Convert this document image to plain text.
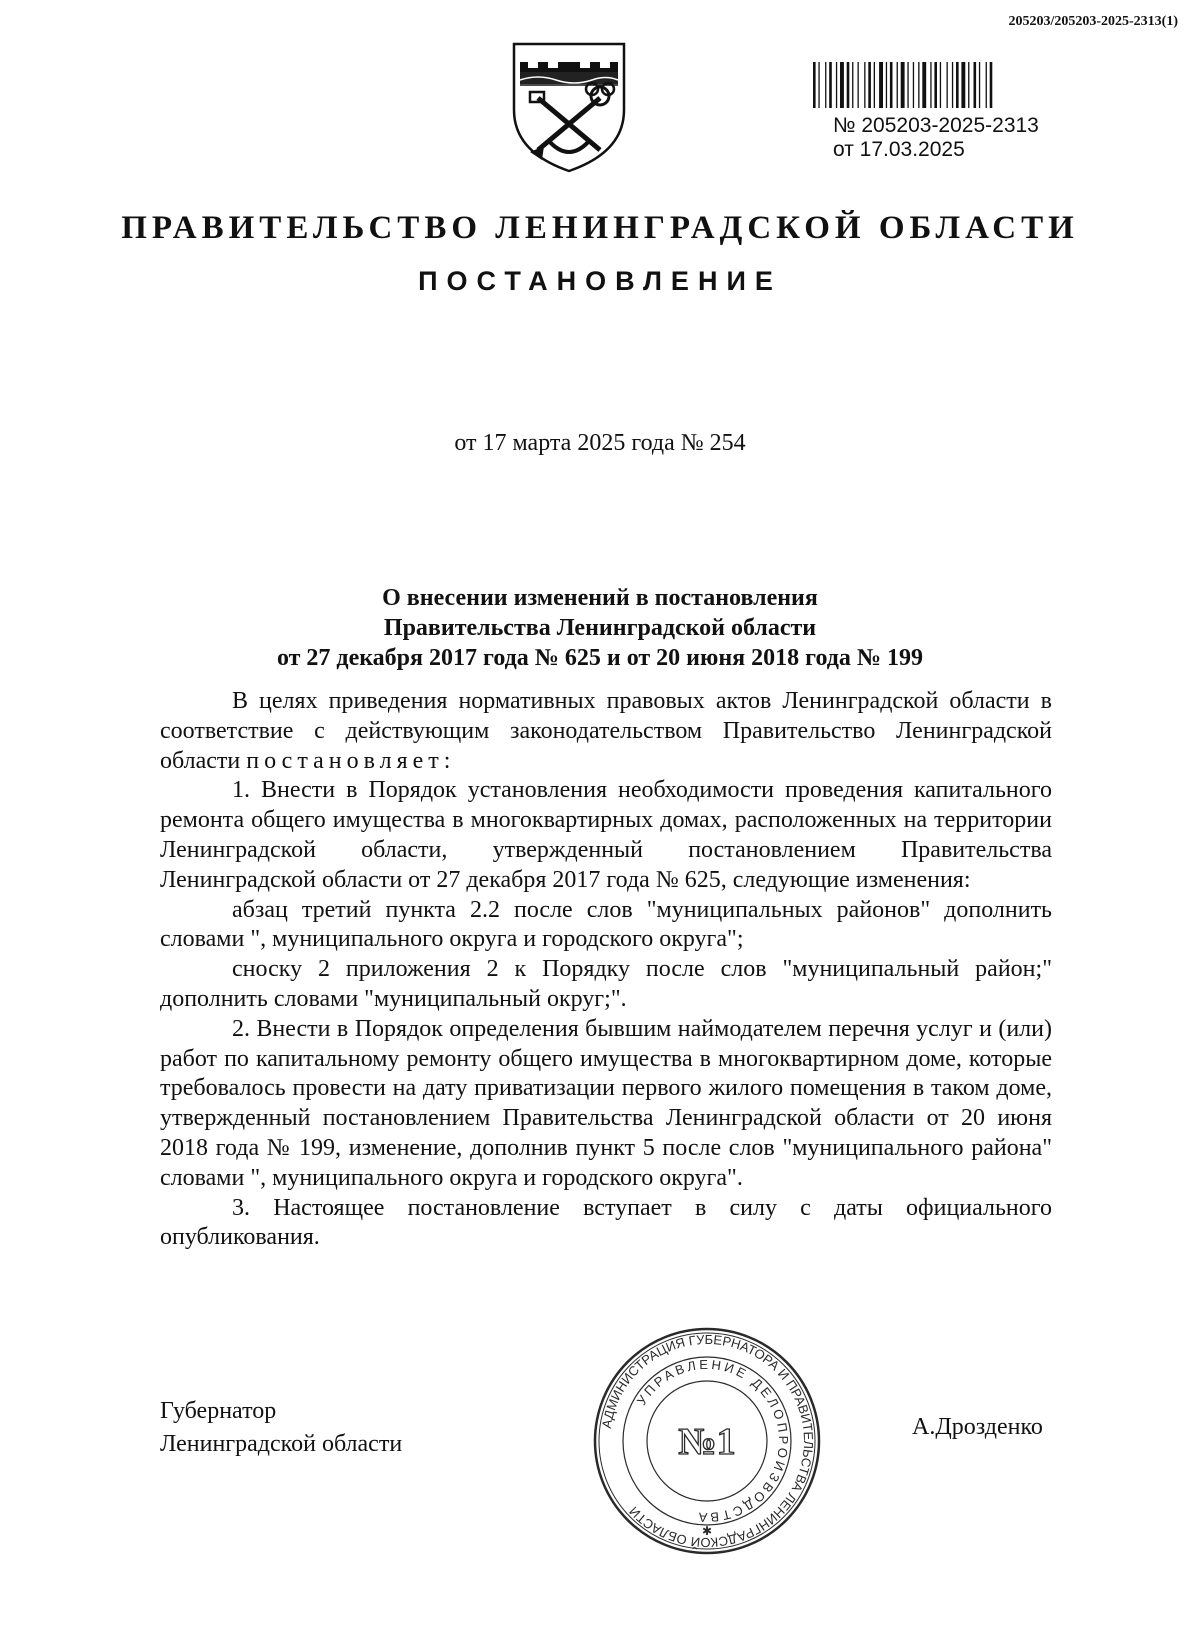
205203/205203-2025-2313(1)
№ 205203-2025-2313
от 17.03.2025
ПРАВИТЕЛЬСТВО ЛЕНИНГРАДСКОЙ ОБЛАСТИ
ПОСТАНОВЛЕНИЕ
от 17 марта 2025 года № 254
О внесении изменений в постановления
Правительства Ленинградской области
от 27 декабря 2017 года № 625 и от 20 июня 2018 года № 199

В целях приведения нормативных правовых актов Ленинградской области в соответствие с действующим законодательством Правительство Ленинградской области постановляет:

1. Внести в Порядок установления необходимости проведения капитального ремонта общего имущества в многоквартирных домах, расположенных на территории Ленинградской области, утвержденный постановлением Правительства Ленинградской области от 27 декабря 2017 года № 625, следующие изменения:

абзац третий пункта 2.2 после слов "муниципальных районов" дополнить словами ", муниципального округа и городского округа";

сноску 2 приложения 2 к Порядку после слов "муниципальный район;" дополнить словами "муниципальный округ;".

2. Внести в Порядок определения бывшим наймодателем перечня услуг и (или) работ по капитальному ремонту общего имущества в многоквартирном доме, которые требовалось провести на дату приватизации первого жилого помещения в таком доме, утвержденный постановлением Правительства Ленинградской области от 20 июня 2018 года № 199, изменение, дополнив пункт 5 после слов "муниципального района" словами ", муниципального округа и городского округа".

3. Настоящее постановление вступает в силу с даты официального опубликования.

Губернатор
Ленинградской области
А.Дрозденко
АДМИНИСТРАЦИЯ ГУБЕРНАТОРА И ПРАВИТЕЛЬСТВА ЛЕНИНГРАДСКОЙ ОБЛАСТИ
УПРАВЛЕНИЕ ДЕЛОПРОИЗВОДСТВА
№1
✱
